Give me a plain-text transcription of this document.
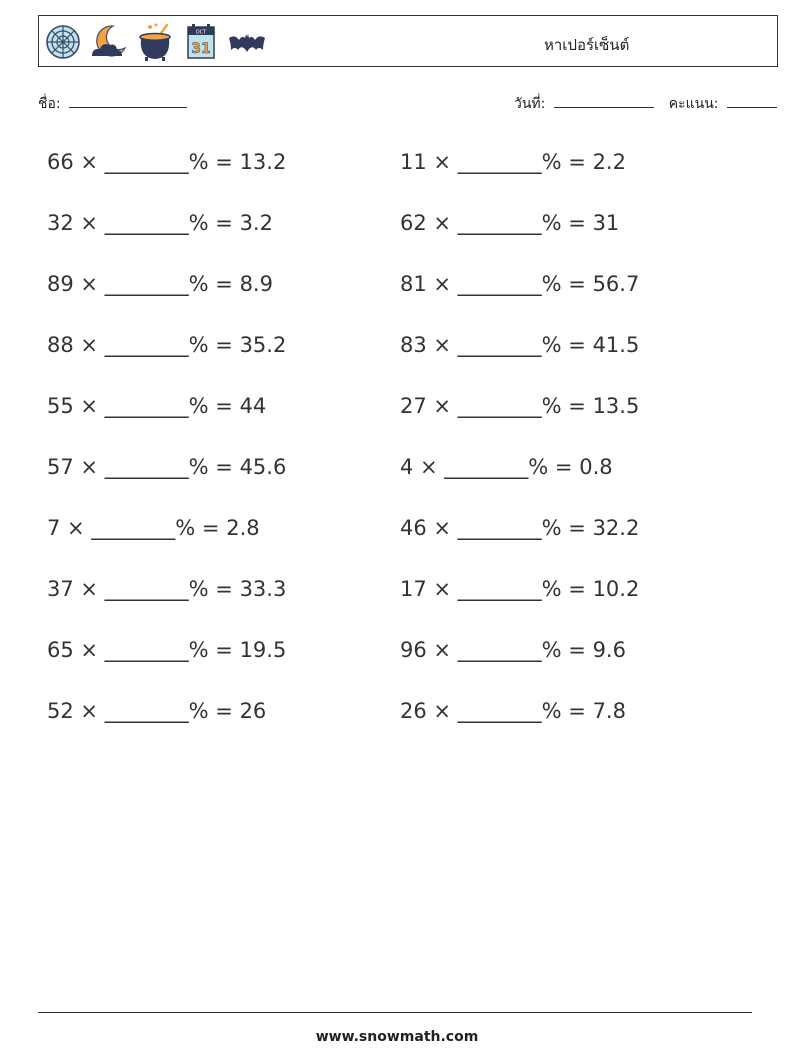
OCT
31	หาเปอร์เซ็นต์
ชื่อ:	วันที่:	คะแนน:
66 × ________% = 13.2	11 × ________% = 2.2
32 × ________% = 3.2	62 × ________% = 31
89 × ________% = 8.9	81 × ________% = 56.7
88 × ________% = 35.2	83 × ________% = 41.5
55 × ________% = 44	27 × ________% = 13.5
57 × ________% = 45.6	4 × ________% = 0.8
7 × ________% = 2.8	46 × ________% = 32.2
37 × ________% = 33.3	17 × ________% = 10.2
65 × ________% = 19.5	96 × ________% = 9.6
52 × ________% = 26	26 × ________% = 7.8
www.snowmath.com
